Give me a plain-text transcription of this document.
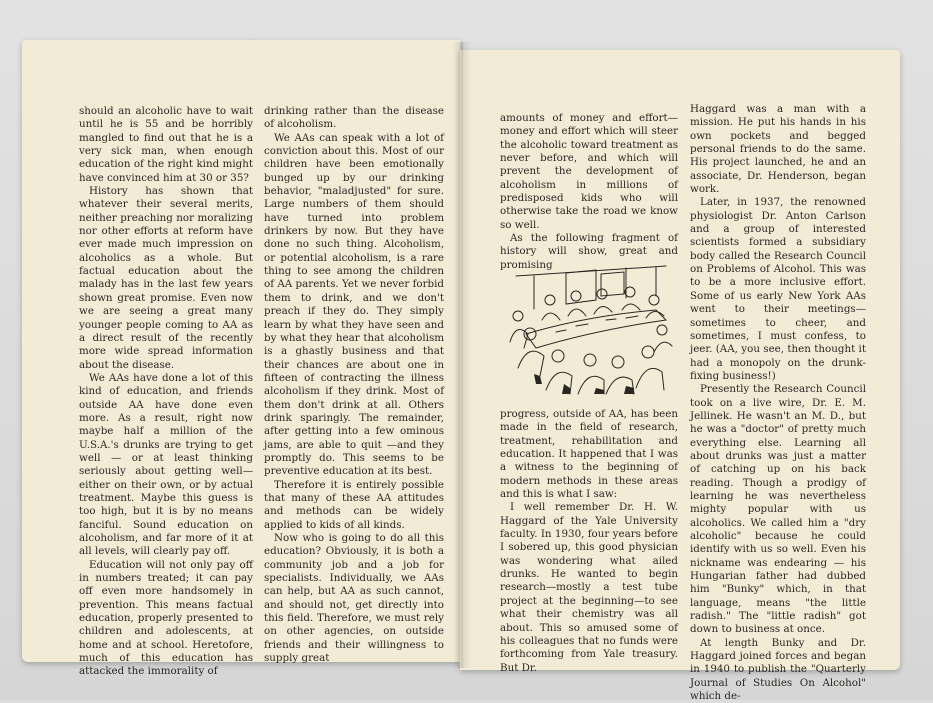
should an alcoholic have to wait until he is 55 and be horribly mangled to find out that he is a very sick man, when enough education of the right kind might have convinced him at 30 or 35?

History has shown that whatever their several merits, neither preaching nor moralizing nor other efforts at reform have ever made much impression on alcoholics as a whole. But factual education about the malady has in the last few years shown great promise. Even now we are seeing a great many younger people coming to AA as a direct result of the recently more wide spread information about the disease.

We AAs have done a lot of this kind of education, and friends outside AA have done even more. As a result, right now maybe half a million of the U.S.A.'s drunks are trying to get well — or at least thinking seriously about getting well—either on their own, or by actual treatment. Maybe this guess is too high, but it is by no means fanciful. Sound education on alcoholism, and far more of it at all levels, will clearly pay off.

Education will not only pay off in numbers treated; it can pay off even more handsomely in prevention. This means factual education, properly presented to children and adolescents, at home and at school. Heretofore, much of this education has attacked the immorality of

drinking rather than the disease of alcoholism.

We AAs can speak with a lot of conviction about this. Most of our children have been emotionally bunged up by our drinking behavior, "maladjusted" for sure. Large numbers of them should have turned into problem drinkers by now. But they have done no such thing. Alcoholism, or potential alcoholism, is a rare thing to see among the children of AA parents. Yet we never forbid them to drink, and we don't preach if they do. They simply learn by what they have seen and by what they hear that alcoholism is a ghastly business and that their chances are about one in fifteen of contracting the illness alcoholism if they drink. Most of them don't drink at all. Others drink sparingly. The remainder, after getting into a few ominous jams, are able to quit —and they promptly do. This seems to be preventive education at its best.

Therefore it is entirely possible that many of these AA attitudes and methods can be widely applied to kids of all kinds.

Now who is going to do all this education? Obviously, it is both a community job and a job for specialists. Individually, we AAs can help, but AA as such cannot, and should not, get directly into this field. Therefore, we must rely on other agencies, on outside friends and their willingness to supply great

amounts of money and effort— money and effort which will steer the alcoholic toward treatment as never before, and which will prevent the development of alcoholism in millions of predisposed kids who will otherwise take the road we know so well.

As the following fragment of history will show, great and promising

progress, outside of AA, has been made in the field of research, treatment, rehabilitation and education. It happened that I was a witness to the beginning of modern methods in these areas and this is what I saw:

I well remember Dr. H. W. Haggard of the Yale University faculty. In 1930, four years before I sobered up, this good physician was wondering what ailed drunks. He wanted to begin research—mostly a test tube project at the beginning—to see what their chemistry was all about. This so amused some of his colleagues that no funds were forthcoming from Yale treasury. But Dr.

Haggard was a man with a mission. He put his hands in his own pockets and begged personal friends to do the same. His project launched, he and an associate, Dr. Henderson, began work.

Later, in 1937, the renowned physiologist Dr. Anton Carlson and a group of interested scientists formed a subsidiary body called the Research Council on Problems of Alcohol. This was to be a more inclusive effort. Some of us early New York AAs went to their meetings—sometimes to cheer, and sometimes, I must confess, to jeer. (AA, you see, then thought it had a monopoly on the drunk-fixing business!)

Presently the Research Council took on a live wire, Dr. E. M. Jellinek. He wasn't an M. D., but he was a "doctor" of pretty much everything else. Learning all about drunks was just a matter of catching up on his back reading. Though a prodigy of learning he was nevertheless mighty popular with us alcoholics. We called him a "dry alcoholic" because he could identify with us so well. Even his nickname was endearing — his Hungarian father had dubbed him "Bunky" which, in that language, means "the little radish." The "little radish" got down to business at once.

At length Bunky and Dr. Haggard joined forces and began in 1940 to publish the "Quarterly Journal of Studies On Alcohol" which de-
